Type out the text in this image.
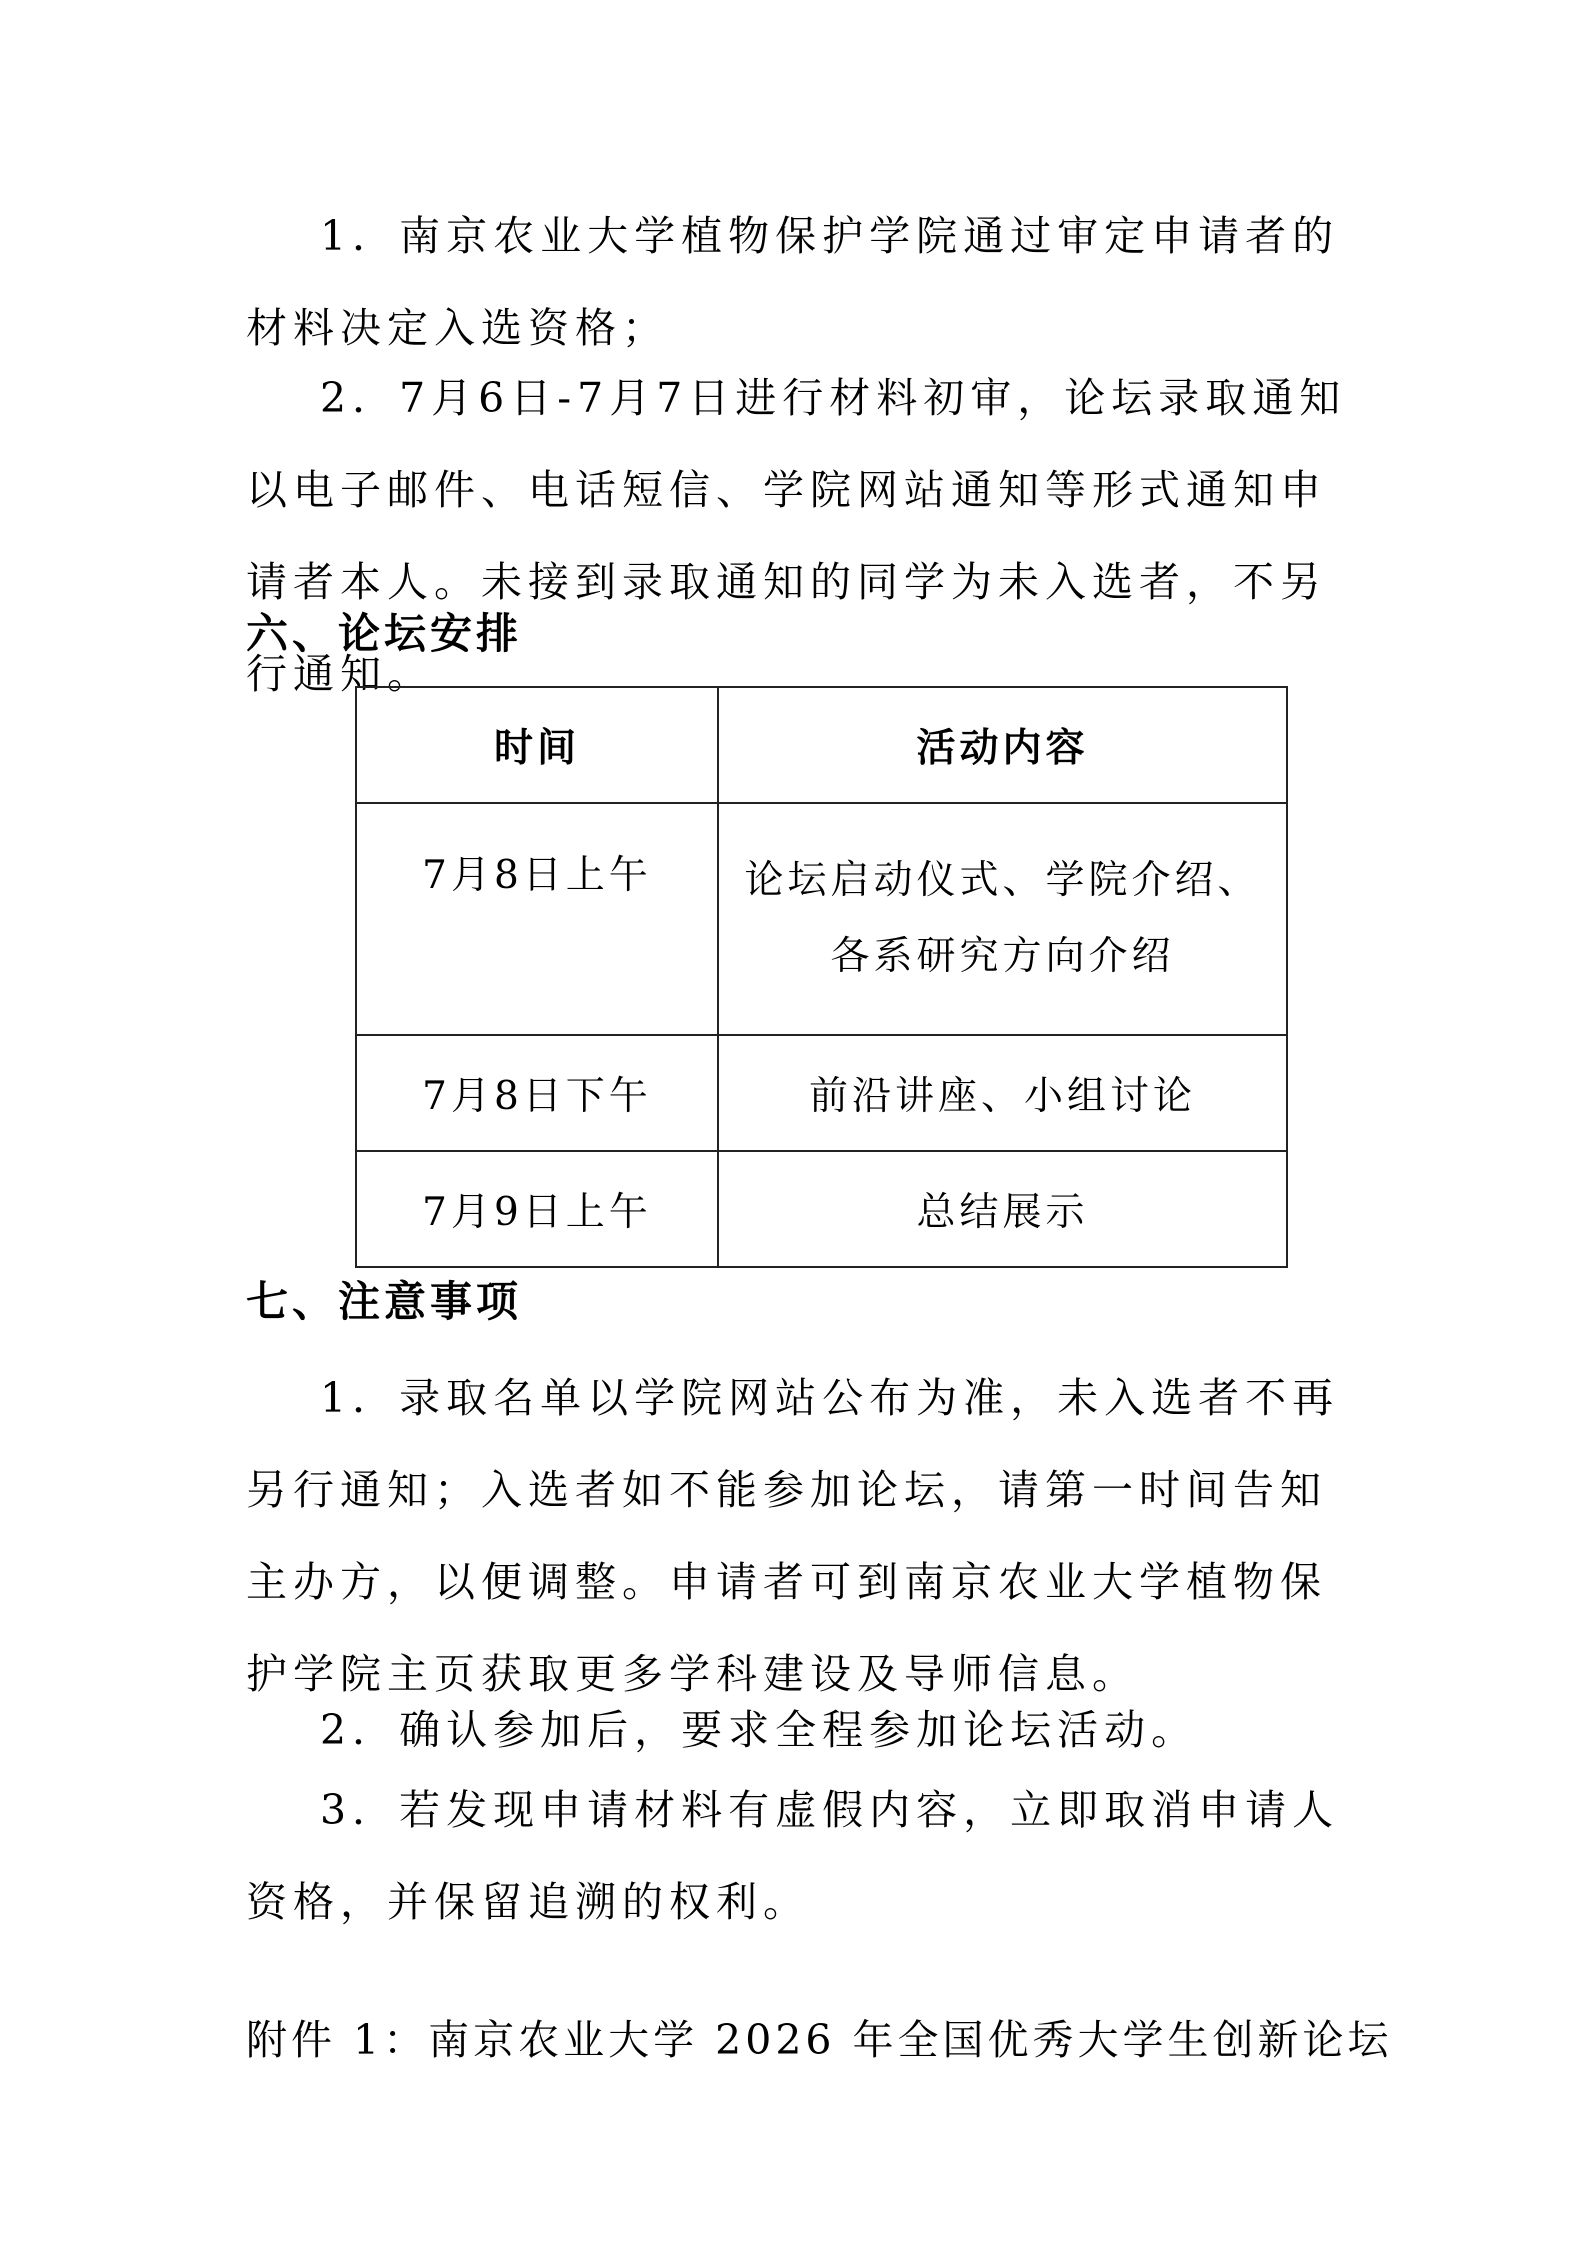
1．南京农业大学植物保护学院通过审定申请者的材料决定入选资格；

2．7月6日-7月7日进行材料初审，论坛录取通知以电子邮件、电话短信、学院网站通知等形式通知申请者本人。未接到录取通知的同学为未入选者，不另行通知。

六、论坛安排
时间	活动内容
7月8日上午	论坛启动仪式、学院介绍、各系研究方向介绍
7月8日下午	前沿讲座、小组讨论
7月9日上午	总结展示
七、注意事项

1．录取名单以学院网站公布为准，未入选者不再另行通知；入选者如不能参加论坛，请第一时间告知主办方，以便调整。申请者可到南京农业大学植物保护学院主页获取更多学科建设及导师信息。

2．确认参加后，要求全程参加论坛活动。

3．若发现申请材料有虚假内容，立即取消申请人资格，并保留追溯的权利。

附件 1：南京农业大学 2026 年全国优秀大学生创新论坛
